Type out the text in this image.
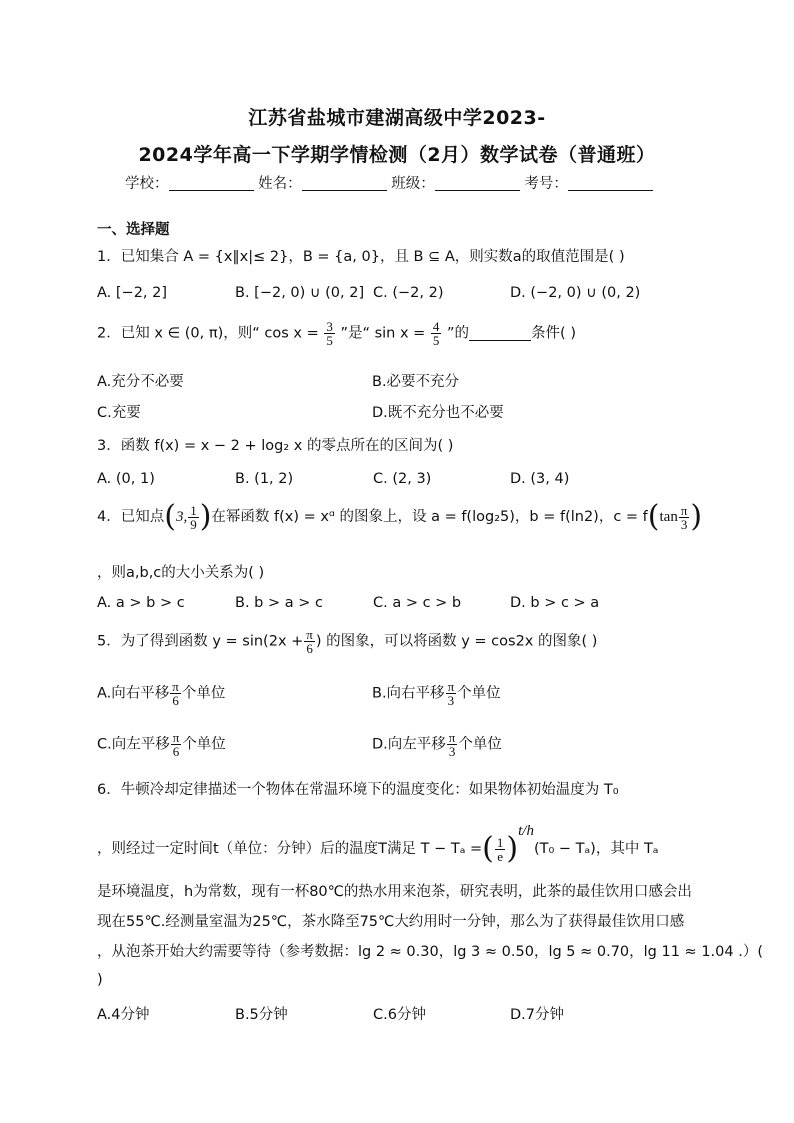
江苏省盐城市建湖高级中学2023-
2024学年高一下学期学情检测（2月）数学试卷（普通班）
学校：	姓名：	班级：	考号：
一、选择题
1．已知集合 A = {x‖x|≤ 2}，B = {a, 0}，且 B ⊆ A，则实数a的取值范围是( )
A. [−2, 2]	B. [−2, 0) ∪ (0, 2] C. (−2, 2)	D. (−2, 0) ∪ (0, 2)
2．已知 x ∈ (0, π)，则“ $\cos x = \frac{3}{5}$ ”是“ $\sin x = \frac{4}{5}$ ”的	条件( )
A.充分不必要	B.必要不充分
C.充要	D.既不充分也不必要
3．函数 f(x) = x − 2 + log₂ x 的零点所在的区间为( )
A. (0, 1)	B. (1, 2)	C. (2, 3)	D. (3, 4)
4．已知点(3, $\frac{1}{9}$ )在幂函数 f(x) = xᵅ 的图象上，设 a = f(log₂5)，b = f(ln2)，$c = f(\tan \frac{\pi}{3}$ )
，则a,b,c的大小关系为( )
A. a > b > c	B. b > a > c	C. a > c > b	D. b > c > a
5．为了得到函数 $y = \sin(2x + \frac{\pi}{6}$ ) 的图象，可以将函数 y = cos2x 的图象( )
A.向右平移 $\frac{\pi}{6}$ 个单位	B.向右平移 $\frac{\pi}{3}$ 个单位
C.向左平移 $\frac{\pi}{6}$ 个单位	D.向左平移 $\frac{\pi}{3}$ 个单位
6．牛顿冷却定律描述一个物体在常温环境下的温度变化：如果物体初始温度为 T₀
，则经过一定时间t（单位：分钟）后的温度T满足 T − Tₐ =( $\frac{1}{e} )^{t/h}(T_0 - T_a)$，其中 Tₐ
是环境温度，h为常数，现有一杯80℃的热水用来泡茶，研究表明，此茶的最佳饮用口感会出
现在55℃.经测量室温为25℃，茶水降至75℃大约用时一分钟，那么为了获得最佳饮用口感
，从泡茶开始大约需要等待（参考数据：lg 2 ≈ 0.30，lg 3 ≈ 0.50，lg 5 ≈ 0.70，lg 11 ≈ 1.04 .）(
)
A.4分钟	B.5分钟	C.6分钟	D.7分钟
